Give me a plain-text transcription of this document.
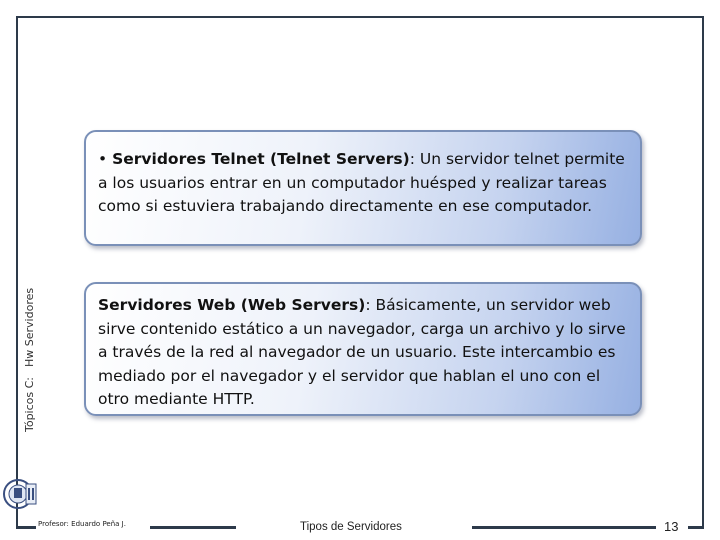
Tópicos C:Hw Servidores

• Servidores Telnet (Telnet Servers): Un servidor telnet permite a los usuarios entrar en un computador huésped y realizar tareas como si estuviera trabajando directamente en ese computador.

Servidores Web (Web Servers): Básicamente, un servidor web sirve contenido estático a un navegador, carga un archivo y lo sirve a través de la red al navegador de un usuario. Este intercambio es mediado por el navegador y el servidor que hablan el uno con el otro mediante HTTP.

Profesor: Eduardo Peña J.	Tipos de Servidores	13
